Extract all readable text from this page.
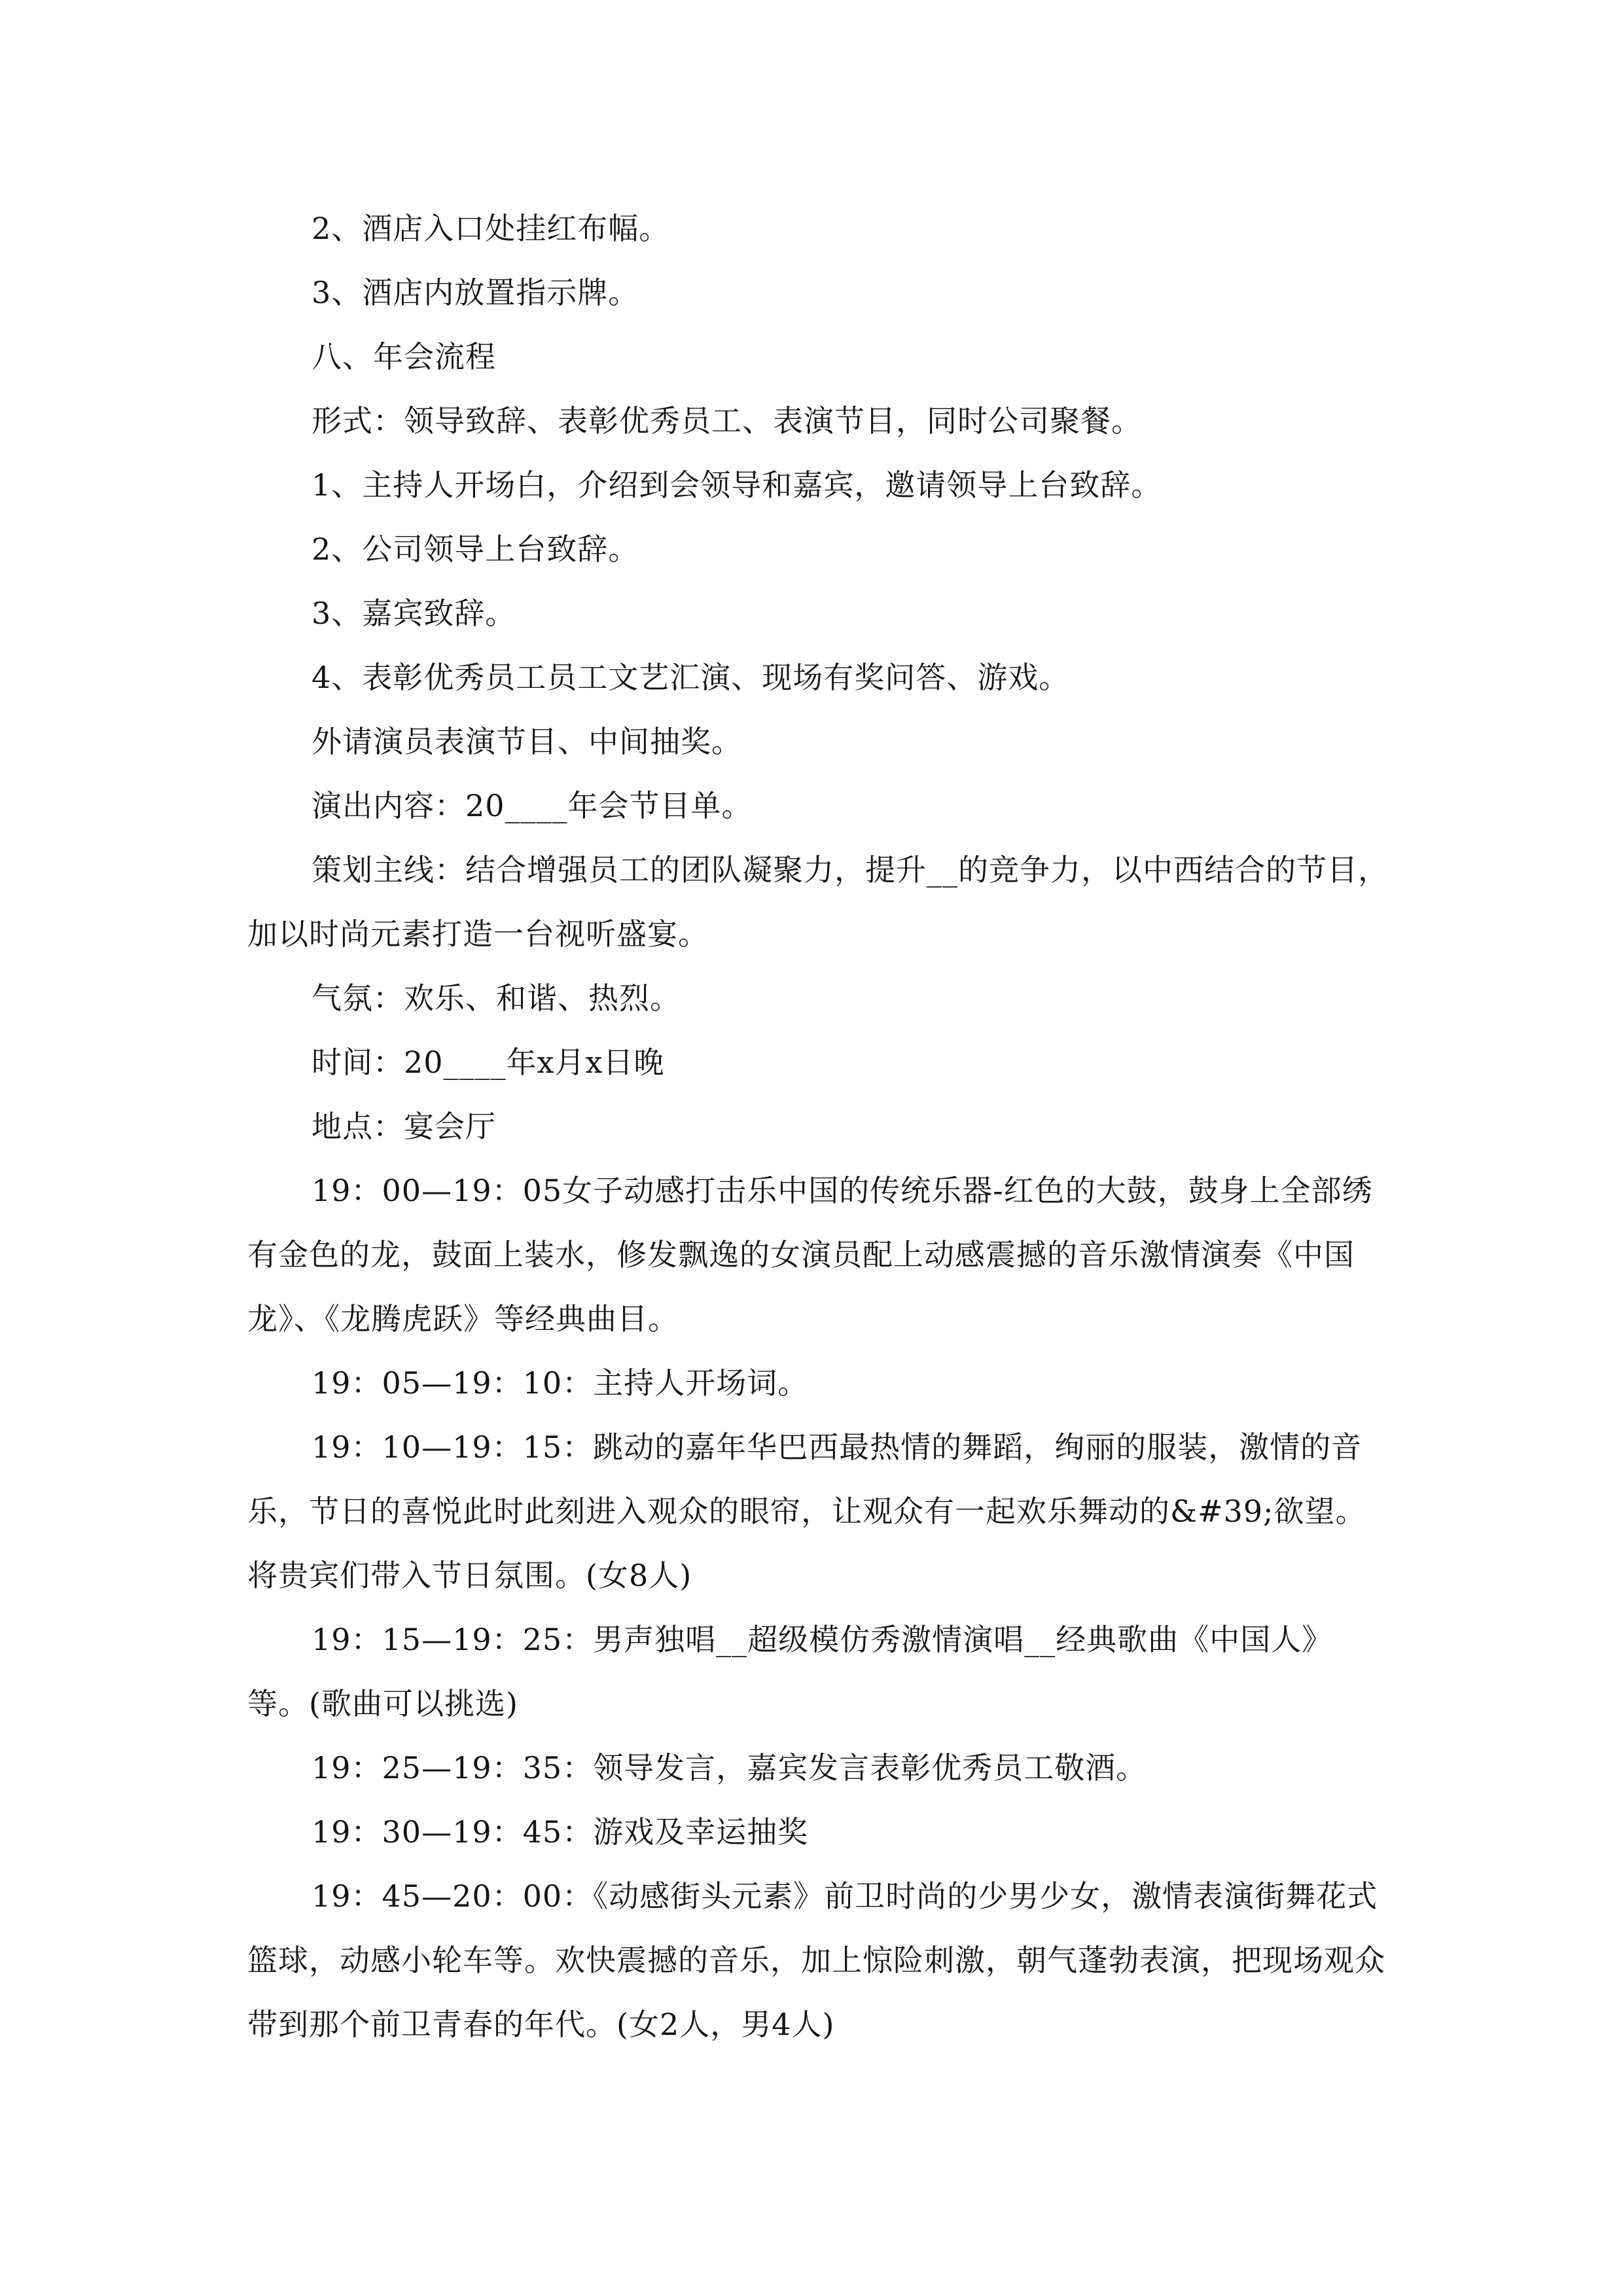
2、酒店入口处挂红布幅。

3、酒店内放置指示牌。

八、年会流程

形式：领导致辞、表彰优秀员工、表演节目，同时公司聚餐。

1、主持人开场白，介绍到会领导和嘉宾，邀请领导上台致辞。

2、公司领导上台致辞。

3、嘉宾致辞。

4、表彰优秀员工员工文艺汇演、现场有奖问答、游戏。

外请演员表演节目、中间抽奖。

演出内容：20____年会节目单。

策划主线：结合增强员工的团队凝聚力，提升__的竞争力，以中西结合的节目，加以时尚元素打造一台视听盛宴。

气氛：欢乐、和谐、热烈。

时间：20____年x月x日晚

地点：宴会厅

19：00—19：05女子动感打击乐中国的传统乐器-红色的大鼓，鼓身上全部绣有金色的龙，鼓面上装水，修发飘逸的女演员配上动感震撼的音乐激情演奏《中国龙》、《龙腾虎跃》等经典曲目。

19：05—19：10：主持人开场词。

19：10—19：15：跳动的嘉年华巴西最热情的舞蹈，绚丽的服装，激情的音乐，节日的喜悦此时此刻进入观众的眼帘，让观众有一起欢乐舞动的&#39;欲望。将贵宾们带入节日氛围。(女8人)

19：15—19：25：男声独唱__超级模仿秀激情演唱__经典歌曲《中国人》等。(歌曲可以挑选)

19：25—19：35：领导发言，嘉宾发言表彰优秀员工敬酒。

19：30—19：45：游戏及幸运抽奖

19：45—20：00：《动感街头元素》前卫时尚的少男少女，激情表演街舞花式篮球，动感小轮车等。欢快震撼的音乐，加上惊险刺激，朝气蓬勃表演，把现场观众带到那个前卫青春的年代。(女2人，男4人)
